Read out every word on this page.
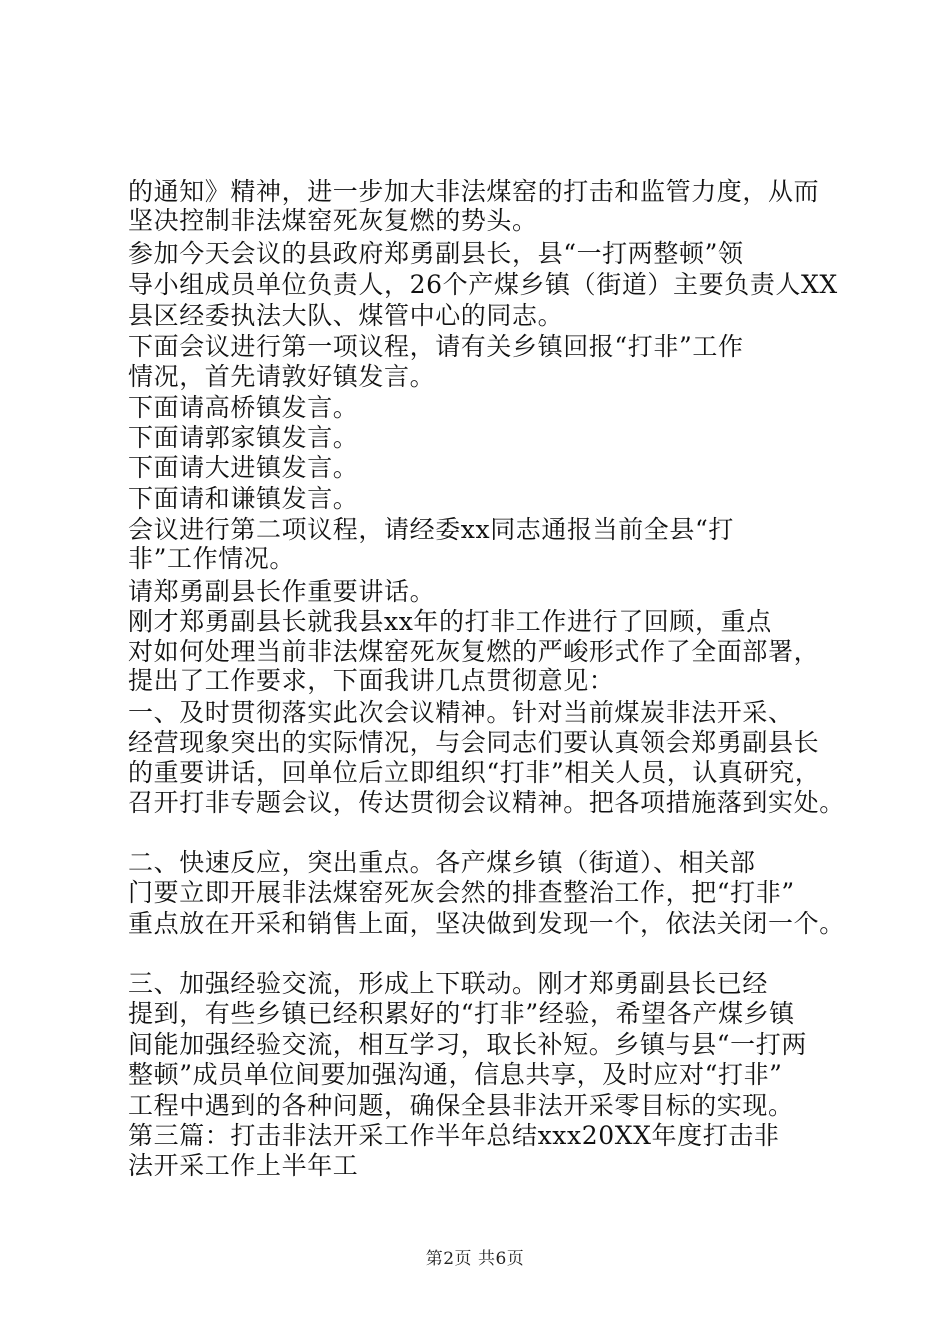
的通知》精神，进一步加大非法煤窑的打击和监管力度，从而
坚决控制非法煤窑死灰复燃的势头。
参加今天会议的县政府郑勇副县长，县“一打两整顿”领
导小组成员单位负责人，26个产煤乡镇（街道）主要负责人XX
县区经委执法大队、煤管中心的同志。
下面会议进行第一项议程，请有关乡镇回报“打非”工作
情况，首先请敦好镇发言。
下面请高桥镇发言。
下面请郭家镇发言。
下面请大进镇发言。
下面请和谦镇发言。
会议进行第二项议程，请经委xx同志通报当前全县“打
非”工作情况。
请郑勇副县长作重要讲话。
刚才郑勇副县长就我县xx年的打非工作进行了回顾，重点
对如何处理当前非法煤窑死灰复燃的严峻形式作了全面部署，
提出了工作要求，下面我讲几点贯彻意见：
一、及时贯彻落实此次会议精神。针对当前煤炭非法开采、
经营现象突出的实际情况，与会同志们要认真领会郑勇副县长
的重要讲话，回单位后立即组织“打非”相关人员，认真研究，
召开打非专题会议，传达贯彻会议精神。把各项措施落到实处。
二、快速反应，突出重点。各产煤乡镇（街道）、相关部
门要立即开展非法煤窑死灰会然的排查整治工作，把“打非”
重点放在开采和销售上面，坚决做到发现一个，依法关闭一个。
三、加强经验交流，形成上下联动。刚才郑勇副县长已经
提到，有些乡镇已经积累好的“打非”经验，希望各产煤乡镇
间能加强经验交流，相互学习，取长补短。乡镇与县“一打两
整顿”成员单位间要加强沟通，信息共享，及时应对“打非”
工程中遇到的各种问题，确保全县非法开采零目标的实现。
第三篇：打击非法开采工作半年总结xxx20XX年度打击非
法开采工作上半年工
第2页 共6页
